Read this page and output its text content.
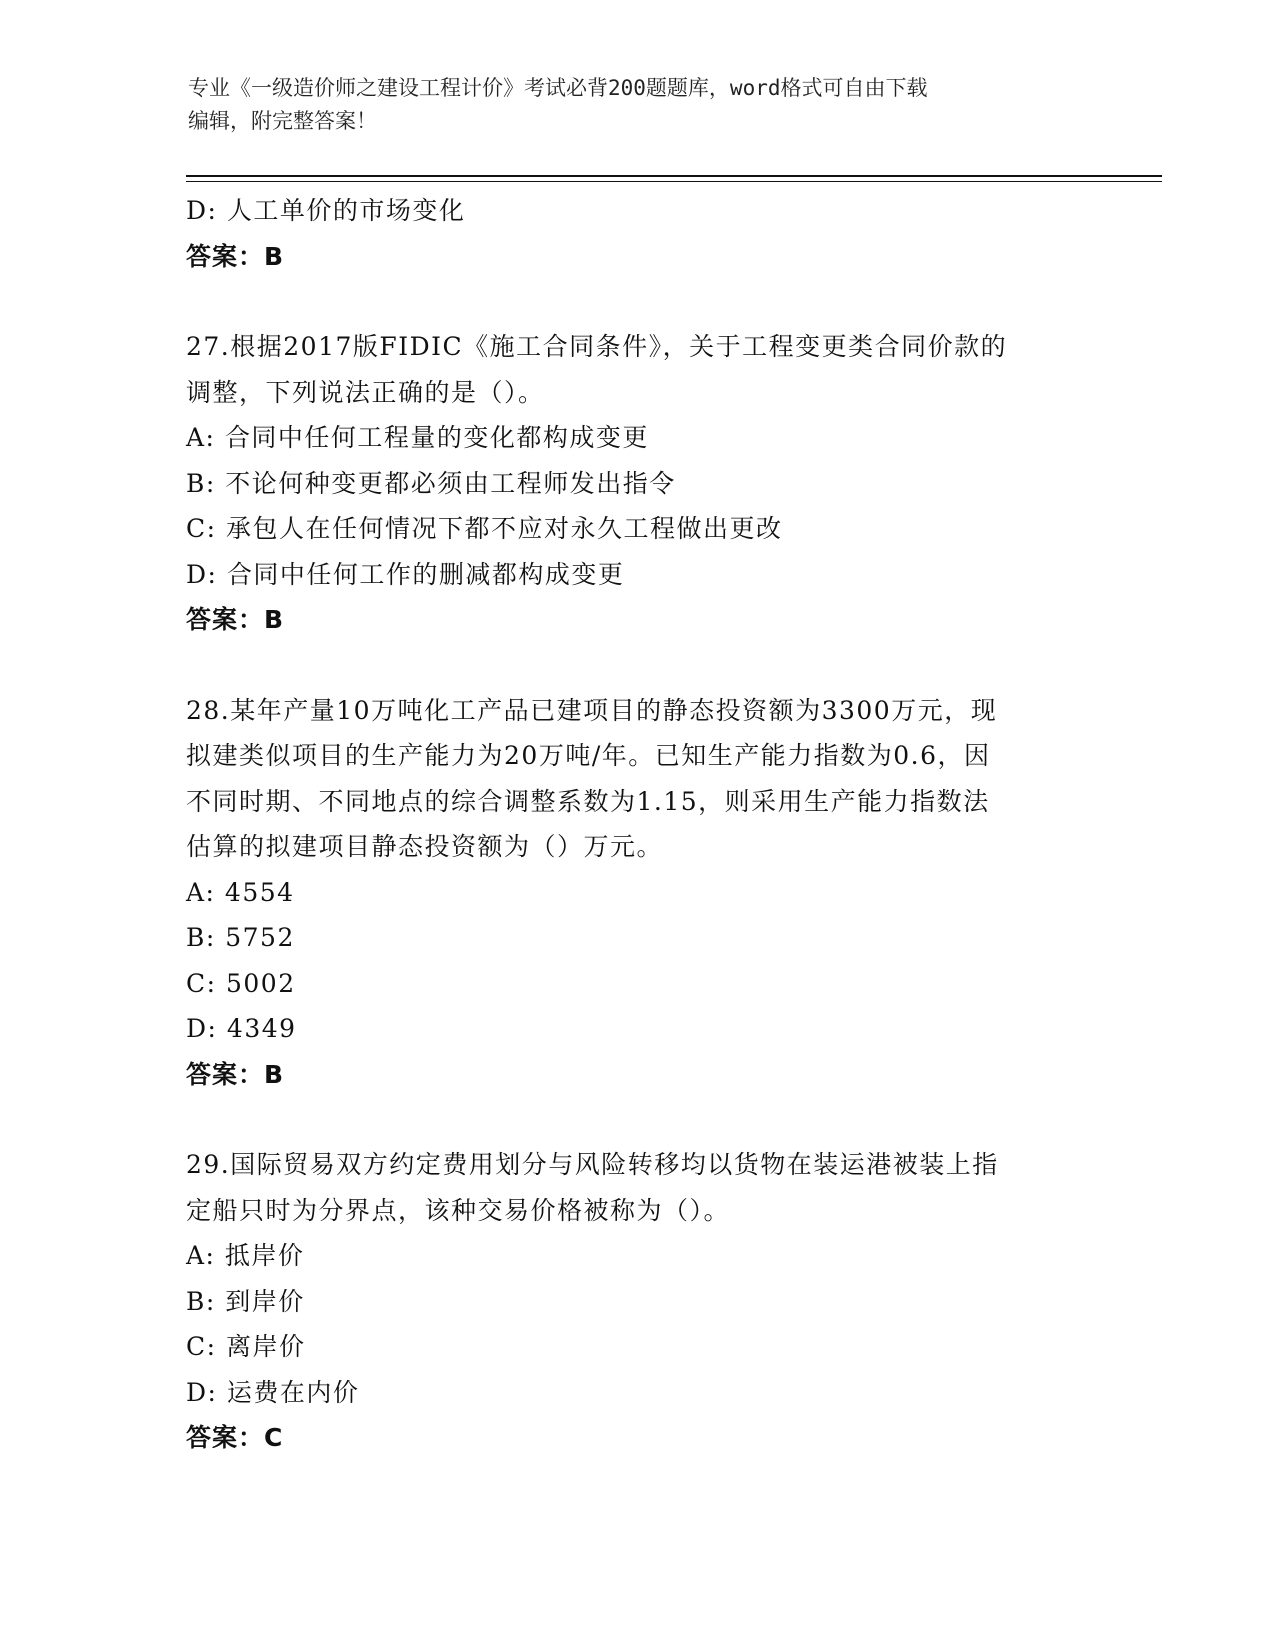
专业《一级造价师之建设工程计价》考试必背200题题库，word格式可自由下载
编辑，附完整答案！
D: 人工单价的市场变化
答案：B
27.根据2017版FIDIC《施工合同条件》，关于工程变更类合同价款的
调整，下列说法正确的是（）。
A: 合同中任何工程量的变化都构成变更
B: 不论何种变更都必须由工程师发出指令
C: 承包人在任何情况下都不应对永久工程做出更改
D: 合同中任何工作的删减都构成变更
答案：B
28.某年产量10万吨化工产品已建项目的静态投资额为3300万元，现
拟建类似项目的生产能力为20万吨/年。已知生产能力指数为0.6，因
不同时期、不同地点的综合调整系数为1.15，则采用生产能力指数法
估算的拟建项目静态投资额为（）万元。
A: 4554
B: 5752
C: 5002
D: 4349
答案：B
29.国际贸易双方约定费用划分与风险转移均以货物在装运港被装上指
定船只时为分界点，该种交易价格被称为（）。
A: 抵岸价
B: 到岸价
C: 离岸价
D: 运费在内价
答案：C
